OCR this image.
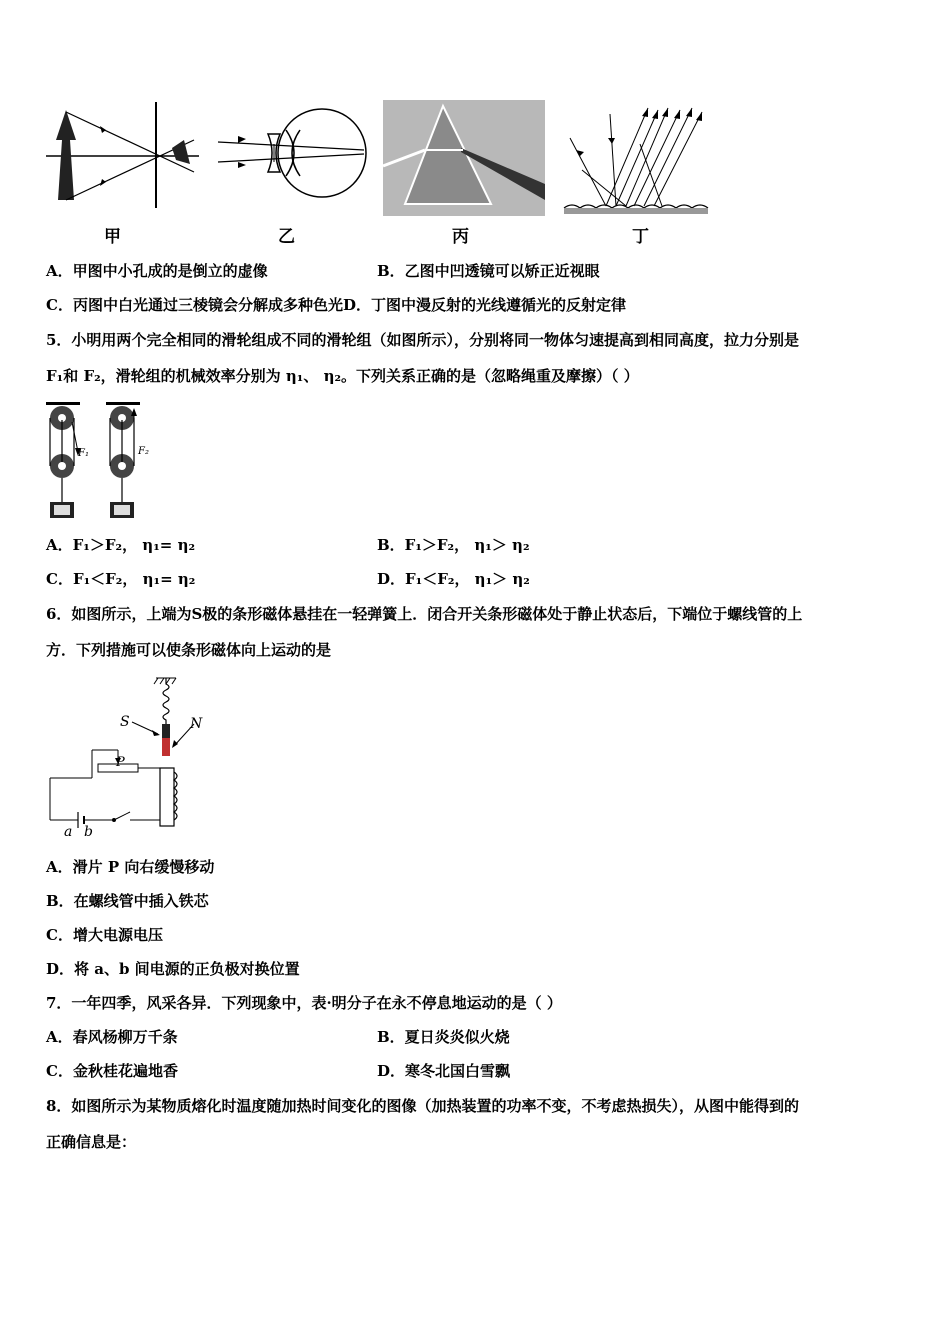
甲	乙	丙	丁
A．甲图中小孔成的是倒立的虚像	B．乙图中凹透镜可以矫正近视眼
C．丙图中白光通过三棱镜会分解成多种色光D．丁图中漫反射的光线遵循光的反射定律
5．小明用两个完全相同的滑轮组成不同的滑轮组（如图所示），分别将同一物体匀速提高到相同高度，拉力分别是
F₁和 F₂，滑轮组的机械效率分别为 η₁、 η₂。下列关系正确的是（忽略绳重及摩擦）（ ）
F₁	F₂
A．F₁＞F₂， η₁= η₂	B．F₁＞F₂， η₁＞ η₂
C．F₁＜F₂， η₁= η₂	D．F₁＜F₂， η₁＞ η₂
6．如图所示，上端为S极的条形磁体悬挂在一轻弹簧上．闭合开关条形磁体处于静止状态后，下端位于螺线管的上
方．下列措施可以使条形磁体向上运动的是
S	N
P
a b
A．滑片 P 向右缓慢移动
B．在螺线管中插入铁芯
C．增大电源电压
D．将 a、b 间电源的正负极对换位置
7．一年四季，风采各异．下列现象中，表·明分子在永不停息地运动的是（ ）
A．春风杨柳万千条	B．夏日炎炎似火烧
C．金秋桂花遍地香	D．寒冬北国白雪飘
8．如图所示为某物质熔化时温度随加热时间变化的图像（加热装置的功率不变，不考虑热损失），从图中能得到的
正确信息是：
